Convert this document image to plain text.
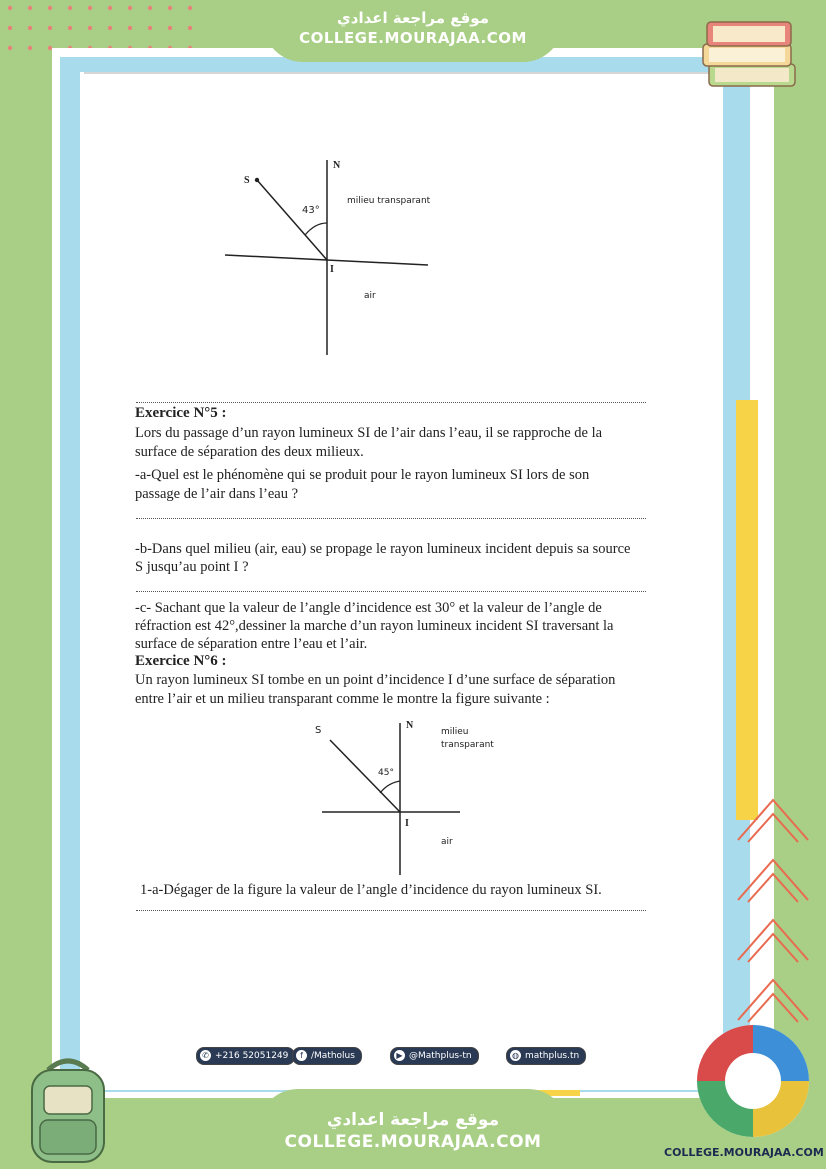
موقع مراجعة اعدادي
COLLEGE.MOURAJAA.COM
COLLEGE.MOURAJAA.COM
S
N
43°
I
milieu transparant
air
Exercice N°5 :
Lors du passage d’un rayon lumineux SI de l’air dans l’eau, il se rapproche de la
surface de séparation des deux milieux.
-a-Quel est le phénomène qui se produit pour le rayon lumineux SI lors de son
passage de l’air dans l’eau ?
-b-Dans quel milieu (air, eau) se propage le rayon lumineux incident depuis sa source
S jusqu’au point I ?
-c- Sachant que la valeur de l’angle d’incidence est 30° et la valeur de l’angle de
réfraction est 42°,dessiner la marche d’un rayon lumineux incident SI traversant la
surface de séparation entre l’eau et l’air.
Exercice N°6 :
Un rayon lumineux SI tombe en un point d’incidence I d’une surface de séparation
entre l’air et un milieu transparant comme le montre la figure suivante :
S	N
45°
I
milieu
transparant
air
1-a-Dégager de la figure la valeur de l’angle d’incidence du rayon lumineux SI.
✆ +216 52051249	f /Matholus	▶ @Mathplus-tn	◍ mathplus.tn
موقع مراجعة اعدادي
COLLEGE.MOURAJAA.COM
